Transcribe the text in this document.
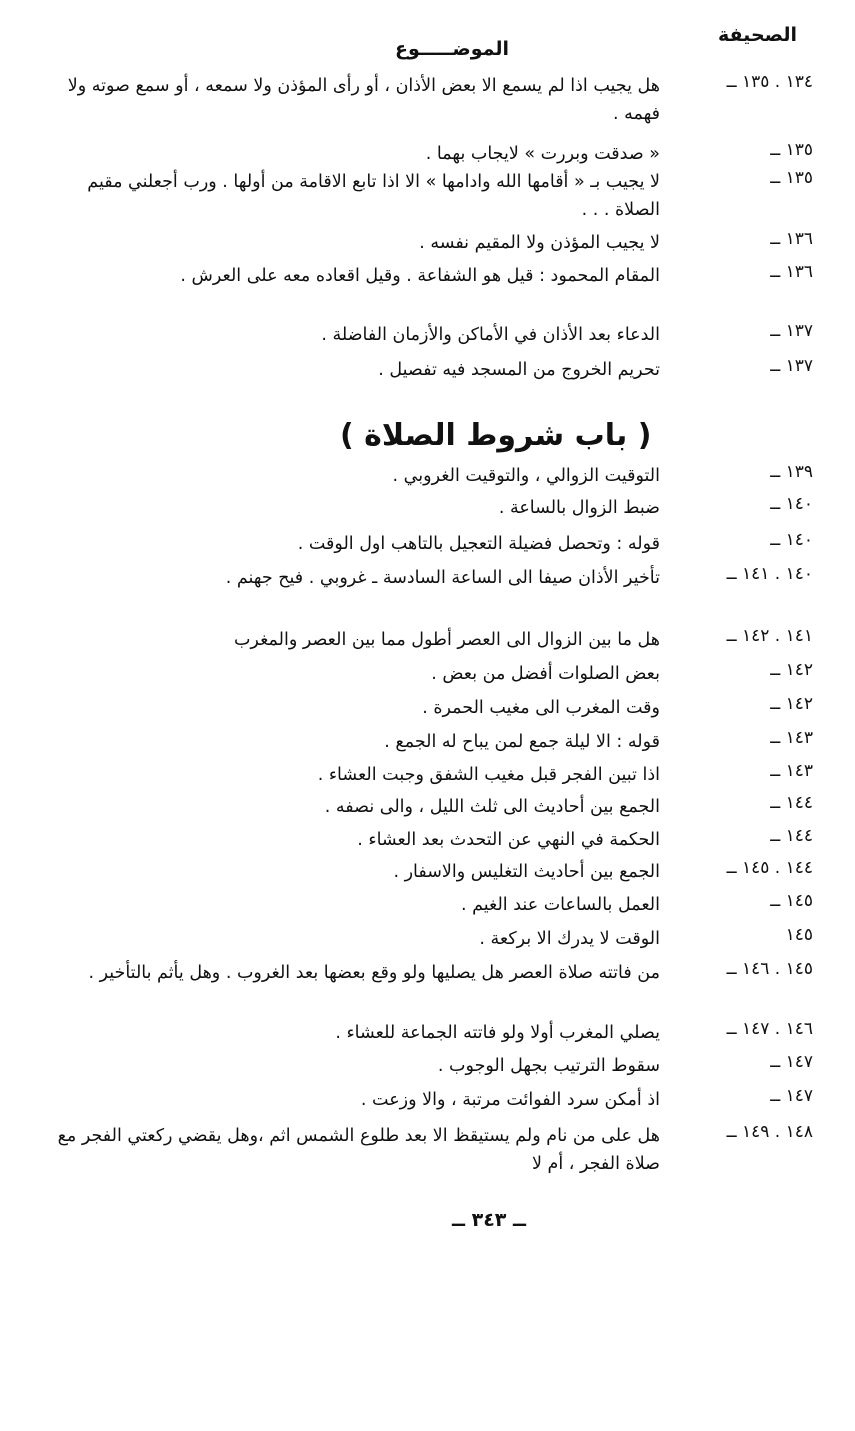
الصحيفة
الموضـــــوع
١٣٤ . ١٣٥ ــ
هل يجيب اذا لم يسمع الا بعض الأذان ، أو رأى المؤذن ولا سمعه ، أو سمع صوته ولا فهمه .
١٣٥ ــ
« صدقت وبررت » لايجاب بهما .
١٣٥ ــ
لا يجيب بـ « أقامها الله وادامها » الا اذا تابع الاقامة من أولها . ورب أجعلني مقيم الصلاة . . .
١٣٦ ــ
لا يجيب المؤذن ولا المقيم نفسه .
١٣٦ ــ
المقام المحمود : قيل هو الشفاعة . وقيل اقعاده معه على العرش .
١٣٧ ــ
الدعاء بعد الأذان في الأماكن والأزمان الفاضلة .
١٣٧ ــ
تحريم الخروج من المسجد فيه تفصيل .
١٣٩ ــ
التوقيت الزوالي ، والتوقيت الغروبي .
١٤٠ ــ
ضبط الزوال بالساعة .
١٤٠ ــ
قوله : وتحصل فضيلة التعجيل بالتاهب اول الوقت .
١٤٠ . ١٤١ ــ
تأخير الأذان صيفا الى الساعة السادسة ـ غروبي . فيح جهنم .
١٤١ . ١٤٢ ــ
هل ما بين الزوال الى العصر أطول مما بين العصر والمغرب
١٤٢ ــ
بعض الصلوات أفضل من بعض .
١٤٢ ــ
وقت المغرب الى مغيب الحمرة .
١٤٣ ــ
قوله : الا ليلة جمع لمن يباح له الجمع .
١٤٣ ــ
اذا تبين الفجر قبل مغيب الشفق وجبت العشاء .
١٤٤ ــ
الجمع بين أحاديث الى ثلث الليل ، والى نصفه .
١٤٤ ــ
الحكمة في النهي عن التحدث بعد العشاء .
١٤٤ . ١٤٥ ــ
الجمع بين أحاديث التغليس والاسفار .
١٤٥ ــ
العمل بالساعات عند الغيم .
١٤٥
الوقت لا يدرك الا بركعة .
١٤٥ . ١٤٦ ــ
من فاتته صلاة العصر هل يصليها ولو وقع بعضها بعد الغروب . وهل يأثم بالتأخير .
١٤٦ . ١٤٧ ــ
يصلي المغرب أولا ولو فاتته الجماعة للعشاء .
١٤٧ ــ
سقوط الترتيب بجهل الوجوب .
١٤٧ ــ
اذ أمكن سرد الفوائت مرتبة ، والا وزعت .
١٤٨ . ١٤٩ ــ
هل على من نام ولم يستيقظ الا بعد طلوع الشمس اثم ،وهل يقضي ركعتي الفجر مع صلاة الفجر ، أم لا
( باب شروط الصلاة )
ــ ٣٤٣ ــ
